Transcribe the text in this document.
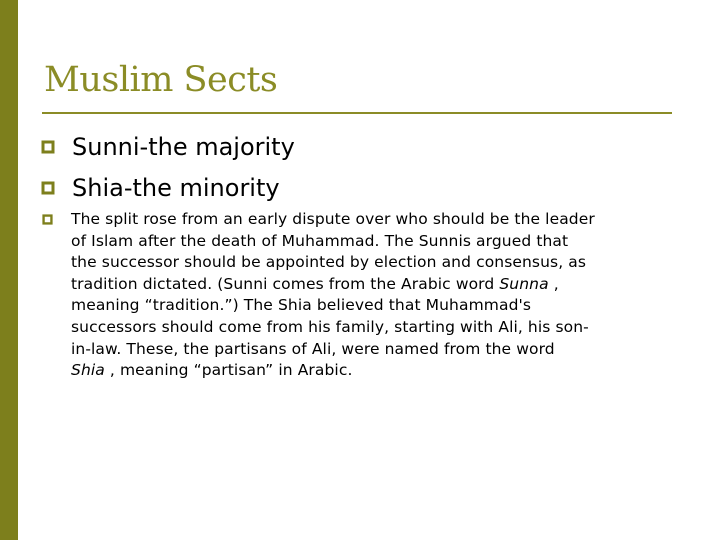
Muslim Sects
Sunni-the majority
Shia-the minority
The split rose from an early dispute over who should be the leader
of Islam after the death of Muhammad. The Sunnis argued that
the successor should be appointed by election and consensus, as
tradition dictated. (Sunni comes from the Arabic word Sunna ,
meaning “tradition.”) The Shia believed that Muhammad's
successors should come from his family, starting with Ali, his son-
in-law. These, the partisans of Ali, were named from the word
Shia , meaning “partisan” in Arabic.
